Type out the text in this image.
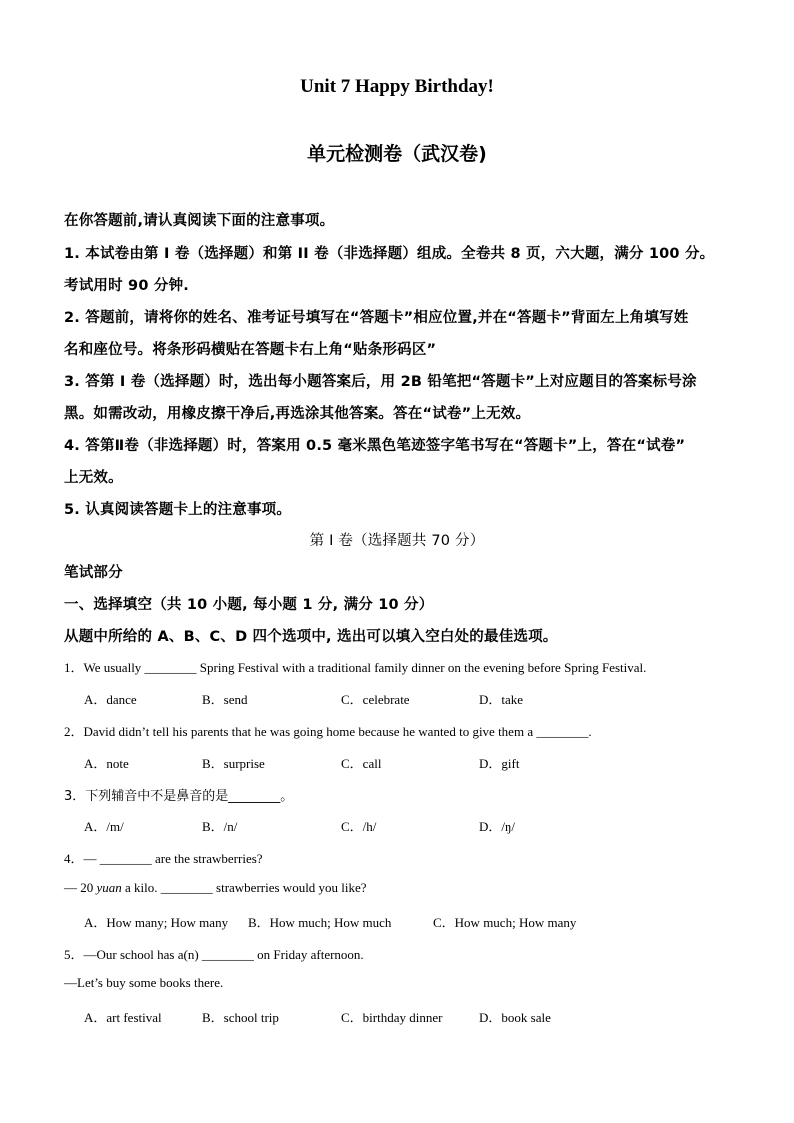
Unit 7 Happy Birthday!
单元检测卷（武汉卷)
在你答题前,请认真阅读下面的注意事项。
1. 本试卷由第 I 卷（选择题）和第 II 卷（非选择题）组成。全卷共 8 页，六大题，满分 100 分。
考试用时 90 分钟.
2. 答题前，请将你的姓名、准考证号填写在“答题卡”相应位置,并在“答题卡”背面左上角填写姓
名和座位号。将条形码横贴在答题卡右上角“贴条形码区”
3. 答第 I 卷（选择题）时，选出每小题答案后，用 2B 铅笔把“答题卡”上对应题目的答案标号涂
黑。如需改动，用橡皮擦干净后,再选涂其他答案。答在“试卷”上无效。
4. 答第Ⅱ卷（非选择题）时，答案用 0.5 毫米黑色笔迹签字笔书写在“答题卡”上，答在“试卷”
上无效。
5. 认真阅读答题卡上的注意事项。
第 I 卷（选择题共 70 分）
笔试部分
一、选择填空（共 10 小题, 每小题 1 分, 满分 10 分）
从题中所给的 A、B、C、D 四个选项中, 选出可以填入空白处的最佳选项。
1．We usually ________ Spring Festival with a traditional family dinner on the evening before Spring Festival.
A．dance	B．send	C．celebrate	D．take
2．David didn’t tell his parents that he was going home because he wanted to give them a ________.
A．note	B．surprise	C．call	D．gift
3．下列辅音中不是鼻音的是________。
A．/m/	B．/n/	C．/h/	D．/ŋ/
4．— ________ are the strawberries?
— 20 yuan a kilo. ________ strawberries would you like?
A．How many; How many B．How much; How much	C．How much; How many
5．—Our school has a(n) ________ on Friday afternoon.
—Let’s buy some books there.
A．art festival	B．school trip	C．birthday dinner	D．book sale
